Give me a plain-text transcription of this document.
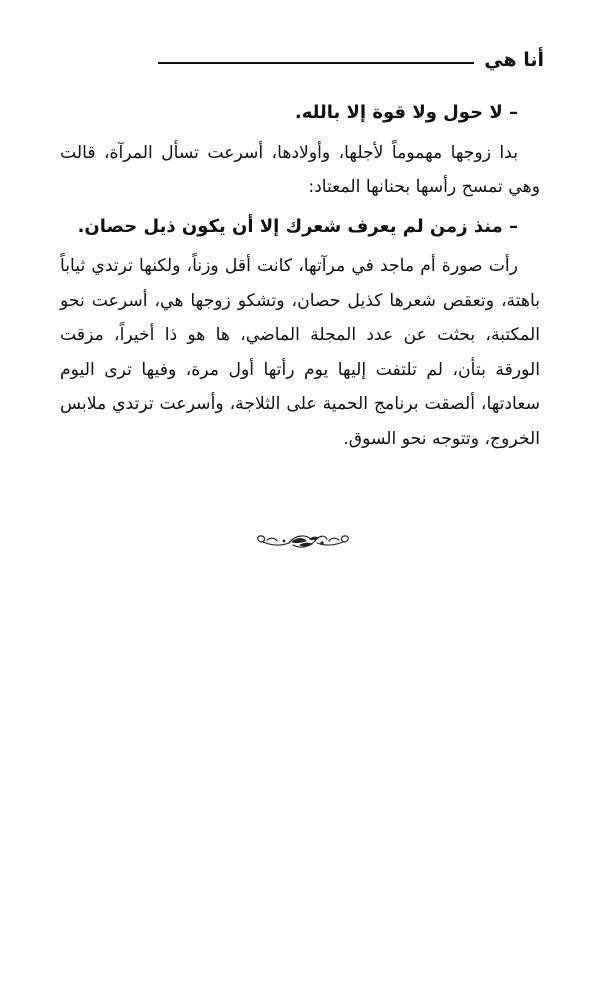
أنا هي

– لا حول ولا قوة إلا بالله.

بدا زوجها مهموماً لأجلها، وأولادها، أسرعت تسأل المرآة، قالت وهي تمسح رأسها بحنانها المعتاد:

– منذ زمن لم يعرف شعرك إلا أن يكون ذيل حصان.

رأت صورة أم ماجد في مرآتها، كانت أقل وزناً، ولكنها ترتدي ثياباً باهتة، وتعقص شعرها كذيل حصان، وتشكو زوجها هي، أسرعت نحو المكتبة، بحثت عن عدد المجلة الماضي، ها هو ذا أخيراً، مزقت الورقة بتأن، لم تلتفت إليها يوم رأتها أول مرة، وفيها ترى اليوم سعادتها، ألصقت برنامج الحمية على الثلاجة، وأسرعت ترتدي ملابس الخروج، وتتوجه نحو السوق.
